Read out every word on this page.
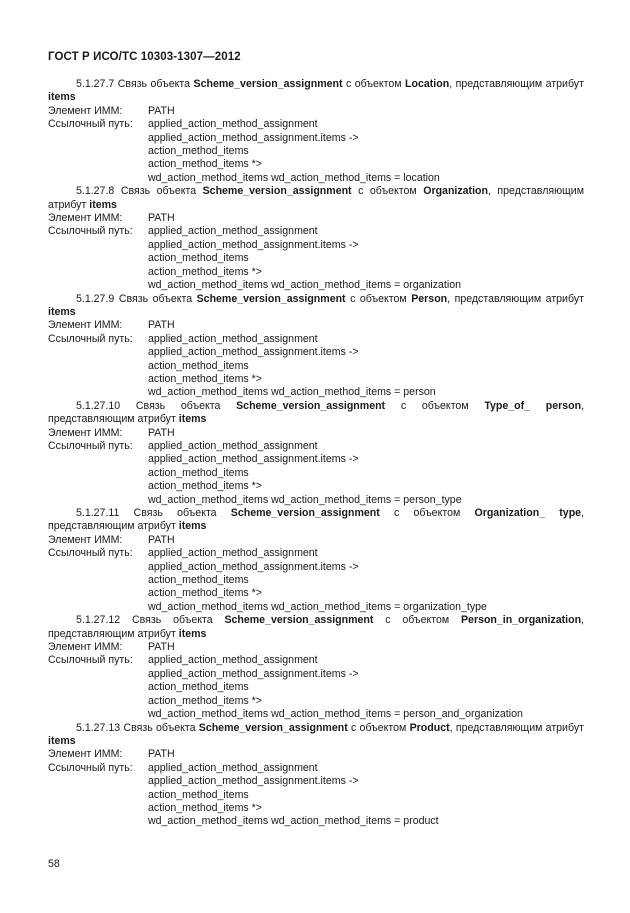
ГОСТ Р ИСО/ТС 10303-1307—2012
5.1.27.7 Связь объекта Scheme_version_assignment с объектом Location, представляющим атрибут items
Элемент ИММ:	PATH
Ссылочный путь:	applied_action_method_assignment
applied_action_method_assignment.items ->
action_method_items
action_method_items *>
wd_action_method_items wd_action_method_items = location
5.1.27.8 Связь объекта Scheme_version_assignment с объектом Organization, представляющим атрибут items
Элемент ИММ:	PATH
Ссылочный путь:	applied_action_method_assignment
applied_action_method_assignment.items ->
action_method_items
action_method_items *>
wd_action_method_items wd_action_method_items = organization
5.1.27.9 Связь объекта Scheme_version_assignment с объектом Person, представляющим атрибут items
Элемент ИММ:	PATH
Ссылочный путь:	applied_action_method_assignment
applied_action_method_assignment.items ->
action_method_items
action_method_items *>
wd_action_method_items wd_action_method_items = person
5.1.27.10 Связь объекта Scheme_version_assignment с объектом Type_of_ person, представляющим атрибут items
Элемент ИММ:	PATH
Ссылочный путь:	applied_action_method_assignment
applied_action_method_assignment.items ->
action_method_items
action_method_items *>
wd_action_method_items wd_action_method_items = person_type
5.1.27.11 Связь объекта Scheme_version_assignment с объектом Organization_ type, представляющим атрибут items
Элемент ИММ:	PATH
Ссылочный путь:	applied_action_method_assignment
applied_action_method_assignment.items ->
action_method_items
action_method_items *>
wd_action_method_items wd_action_method_items = organization_type
5.1.27.12 Связь объекта Scheme_version_assignment с объектом Person_in_organization, представляющим атрибут items
Элемент ИММ:	PATH
Ссылочный путь:	applied_action_method_assignment
applied_action_method_assignment.items ->
action_method_items
action_method_items *>
wd_action_method_items wd_action_method_items = person_and_organization
5.1.27.13 Связь объекта Scheme_version_assignment с объектом Product, представляющим атрибут items
Элемент ИММ:	PATH
Ссылочный путь:	applied_action_method_assignment
applied_action_method_assignment.items ->
action_method_items
action_method_items *>
wd_action_method_items wd_action_method_items = product
58
